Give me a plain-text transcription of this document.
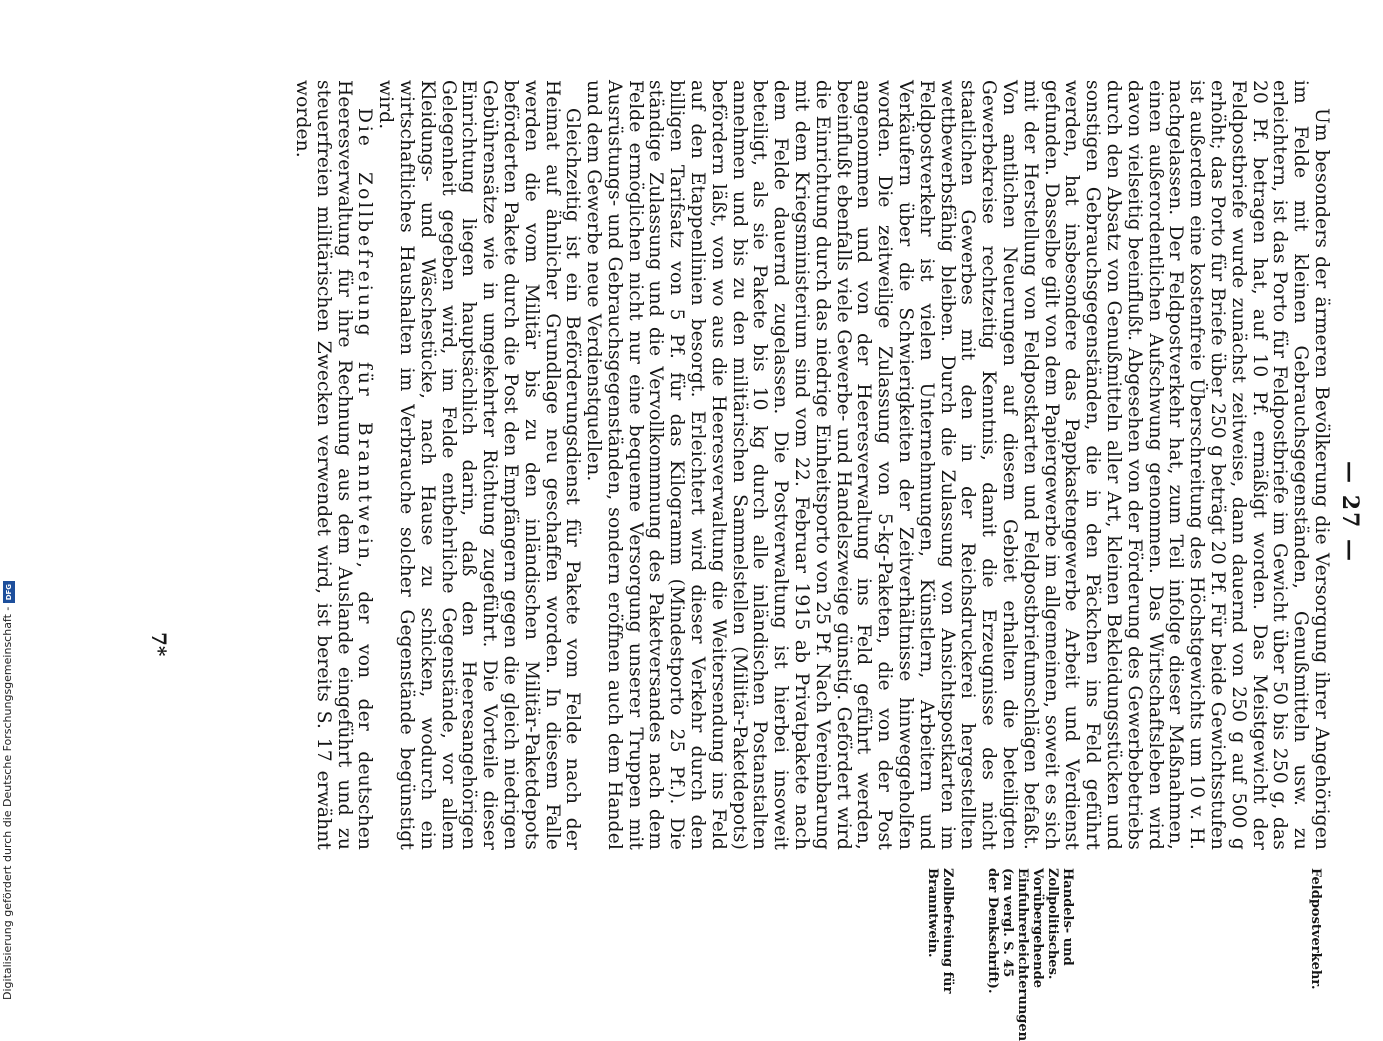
— 27 —

Um besonders der ärmeren Bevölkerung die Versorgung ihrer Angehörigen im Felde mit kleinen Gebrauchsgegenständen, Genußmitteln usw. zu erleichtern, ist das Porto für Feldpostbriefe im Gewicht über 50 bis 250 g, das 20 Pf. betragen hat, auf 10 Pf. ermäßigt worden. Das Meistgewicht der Feldpostbriefe wurde zunächst zeitweise, dann dauernd von 250 g auf 500 g erhöht; das Porto für Briefe über 250 g beträgt 20 Pf. Für beide Gewichtsstufen ist außerdem eine kostenfreie Überschreitung des Höchstgewichts um 10 v. H. nachgelassen. Der Feldpostverkehr hat, zum Teil infolge dieser Maßnahmen, einen außerordentlichen Aufschwung genommen. Das Wirtschaftsleben wird davon vielseitig beeinflußt. Abgesehen von der Förderung des Gewerbebetriebs durch den Absatz von Genußmitteln aller Art, kleinen Bekleidungsstücken und sonstigen Gebrauchsgegenständen, die in den Päckchen ins Feld geführt werden, hat insbesondere das Pappkastengewerbe Arbeit und Verdienst gefunden. Dasselbe gilt von dem Papiergewerbe im allgemeinen, soweit es sich mit der Herstellung von Feldpostkarten und Feldpostbriefumschlägen befaßt. Von amtlichen Neuerungen auf diesem Gebiet erhalten die beteiligten Gewerbekreise rechtzeitig Kenntnis, damit die Erzeugnisse des nicht staatlichen Gewerbes mit den in der Reichsdruckerei hergestellten wettbewerbsfähig bleiben. Durch die Zulassung von Ansichtspostkarten im Feldpostverkehr ist vielen Unternehmungen, Künstlern, Arbeitern und Verkäufern über die Schwierigkeiten der Zeitverhältnisse hinweggeholfen worden. Die zeitweilige Zulassung von 5-kg-Paketen, die von der Post angenommen und von der Heeresverwaltung ins Feld geführt werden, beeinflußt ebenfalls viele Gewerbe- und Handelszweige günstig. Gefördert wird die Einrichtung durch das niedrige Einheitsporto von 25 Pf. Nach Vereinbarung mit dem Kriegsministerium sind vom 22. Februar 1915 ab Privatpakete nach dem Felde dauernd zugelassen. Die Postverwaltung ist hierbei insoweit beteiligt, als sie Pakete bis 10 kg durch alle inländischen Postanstalten annehmen und bis zu den militärischen Sammelstellen (Militär-Paketdepots) befördern läßt, von wo aus die Heeresverwaltung die Weitersendung ins Feld auf den Etappenlinien besorgt. Erleichtert wird dieser Verkehr durch den billigen Tarifsatz von 5 Pf. für das Kilogramm (Mindestporto 25 Pf.). Die ständige Zulassung und die Vervollkommnung des Paketversandes nach dem Felde ermöglichen nicht nur eine bequeme Versorgung unserer Truppen mit Ausrüstungs- und Gebrauchsgegenständen, sondern eröffnen auch dem Handel und dem Gewerbe neue Verdienstquellen.

Gleichzeitig ist ein Beförderungsdienst für Pakete vom Felde nach der Heimat auf ähnlicher Grundlage neu geschaffen worden. In diesem Falle werden die vom Militär bis zu den inländischen Militär-Paketdepots beförderten Pakete durch die Post den Empfängern gegen die gleich niedrigen Gebührensätze wie in umgekehrter Richtung zugeführt. Die Vorteile dieser Einrichtung liegen hauptsächlich darin, daß den Heeresangehörigen Gelegenheit gegeben wird, im Felde entbehrliche Gegenstände, vor allem Kleidungs- und Wäschestücke, nach Hause zu schicken, wodurch ein wirtschaftliches Haushalten im Verbrauche solcher Gegenstände begünstigt wird.

Die Zollbefreiung für Branntwein, der von der deutschen Heeresverwaltung für ihre Rechnung aus dem Auslande eingeführt und zu steuerfreien militärischen Zwecken verwendet wird, ist bereits S. 17 erwähnt worden.

Feldpostverkehr.
Handels- und Zollpolitisches. Vorübergehende Einfuhrerleichterungen (zu vergl. S. 45 der Denkschrift).
Zollbefreiung für Branntwein.
7*
Digitalisierung gefördert durch die Deutsche Forschungsgemeinschaft - DFG
